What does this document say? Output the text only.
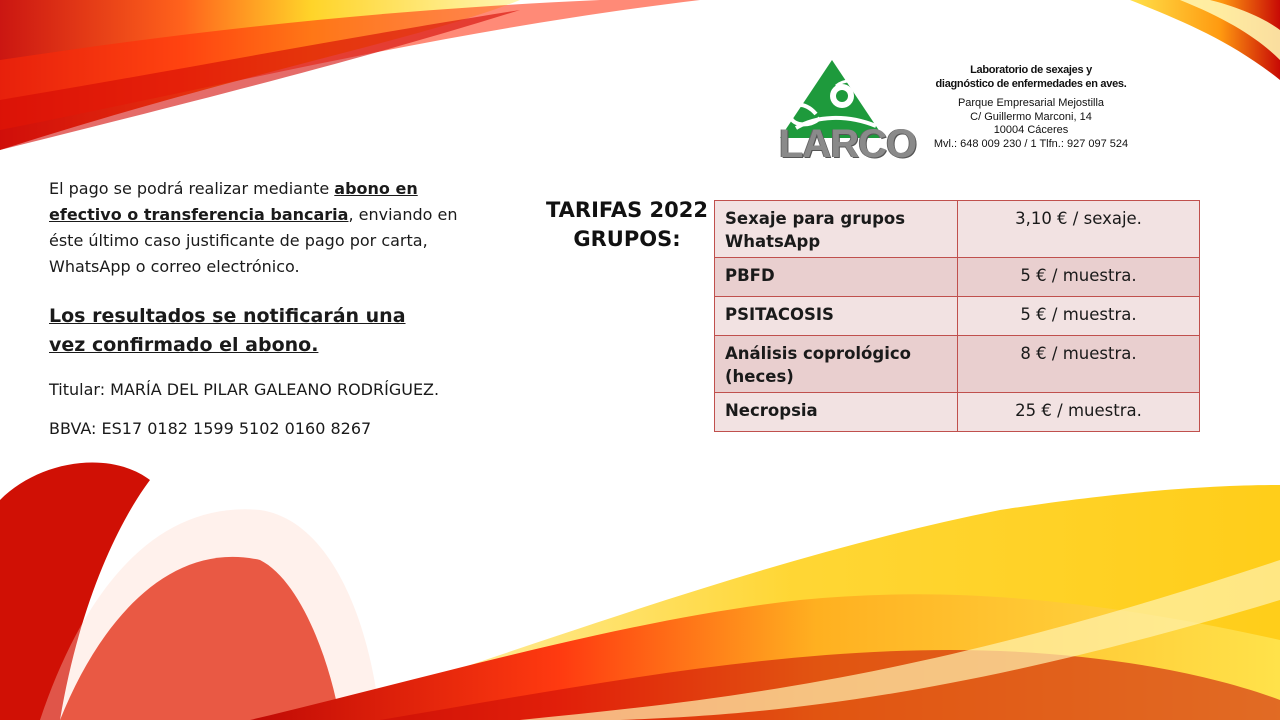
LARCO
Laboratorio de sexajes y
diagnóstico de enfermedades en aves.
Parque Empresarial Mejostilla
C/ Guillermo Marconi, 14
10004 Cáceres
Mvl.: 648 009 230 / 1 Tlfn.: 927 097 524
El pago se podrá realizar mediante abono en efectivo o transferencia bancaria, enviando en éste último caso justificante de pago por carta, WhatsApp o correo electrónico.
Los resultados se notificarán una vez confirmado el abono.
Titular: MARÍA DEL PILAR GALEANO RODRÍGUEZ.
BBVA: ES17 0182 1599 5102 0160 8267
TARIFAS 2022
GRUPOS:
Sexaje para grupos WhatsApp	3,10 € / sexaje.
PBFD	5 € / muestra.
PSITACOSIS	5 € / muestra.
Análisis coprológico (heces)	8 € / muestra.
Necropsia	25 € / muestra.
